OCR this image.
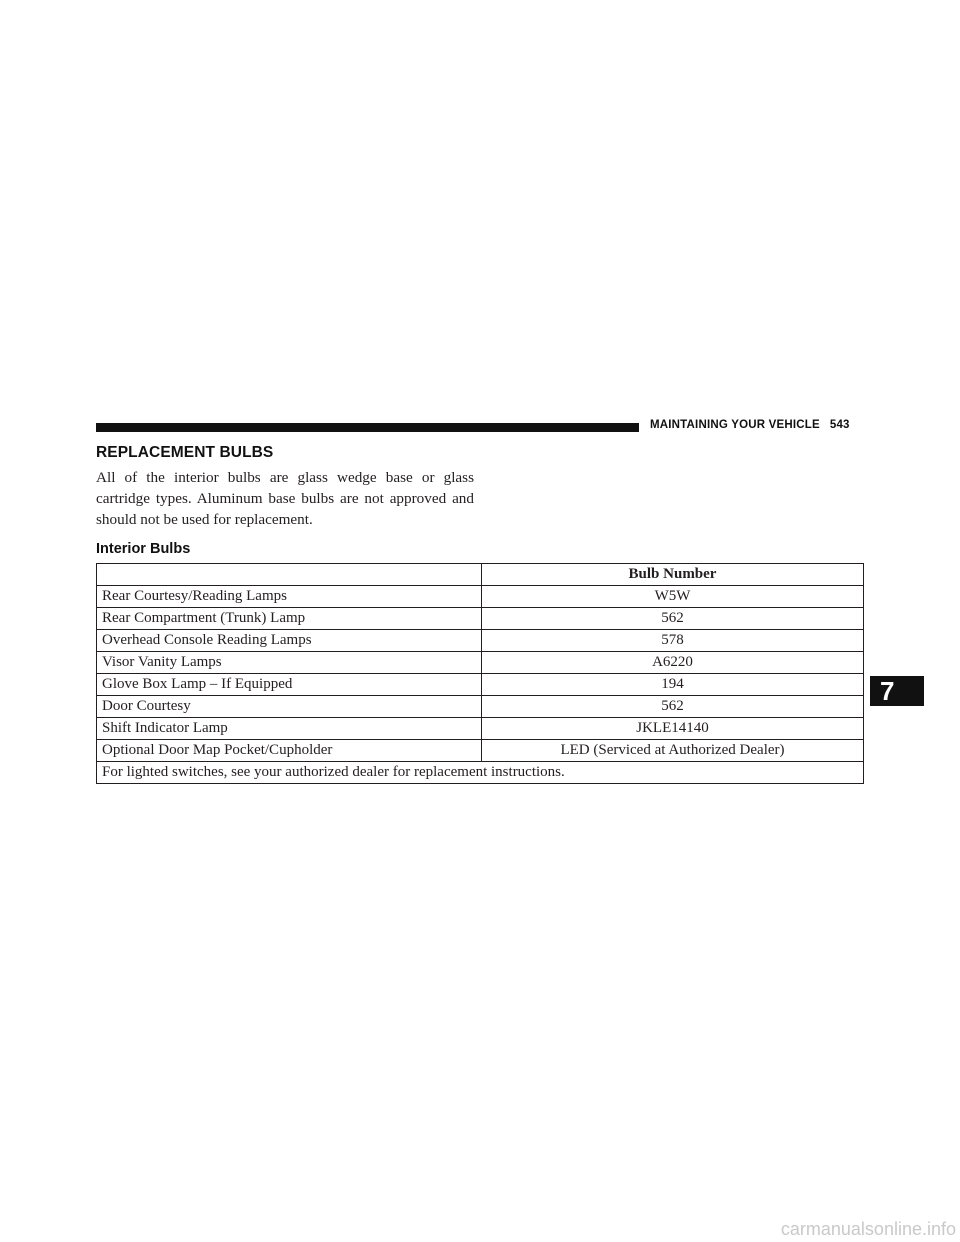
MAINTAINING YOUR VEHICLE 543
REPLACEMENT BULBS

All of the interior bulbs are glass wedge base or glass cartridge types. Aluminum base bulbs are not approved and should not be used for replacement.

Interior Bulbs
	Bulb Number
Rear Courtesy/Reading Lamps	W5W
Rear Compartment (Trunk) Lamp	562
Overhead Console Reading Lamps	578
Visor Vanity Lamps	A6220
Glove Box Lamp – If Equipped	194
Door Courtesy	562
Shift Indicator Lamp	JKLE14140
Optional Door Map Pocket/Cupholder	LED (Serviced at Authorized Dealer)
For lighted switches, see your authorized dealer for replacement instructions.	
7
carmanualsonline.info
